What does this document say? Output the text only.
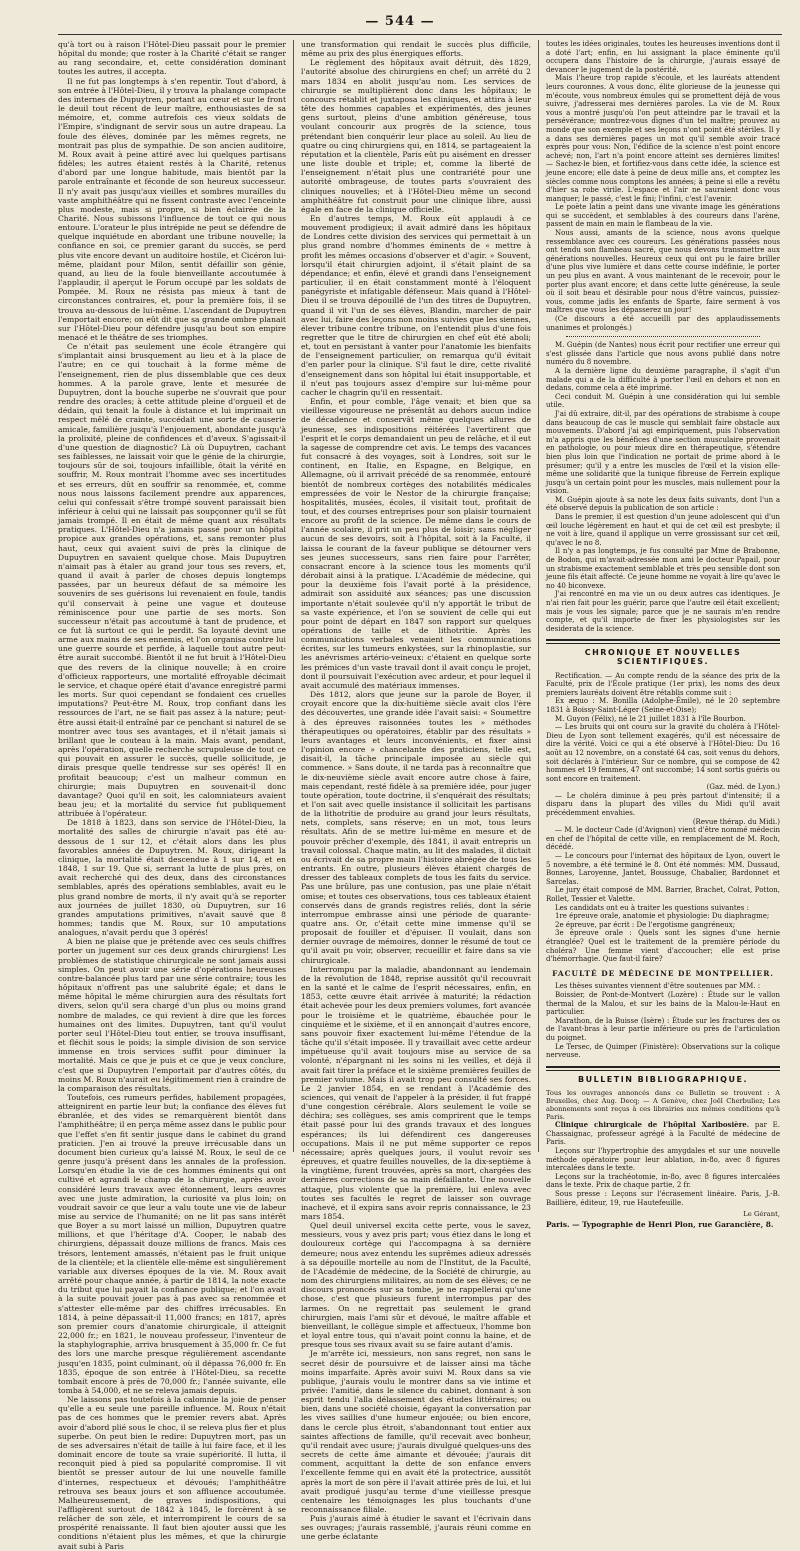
— 544 —

qu'à tort ou à raison l'Hôtel-Dieu passait pour le premier hôpital du monde; que roster à la Charité c'était se ranger au rang secondaire, et, cette considération dominant toutes les autres, il accepta.

Il ne fut pas longtemps à s'en repentir. Tout d'abord, à son entrée à l'Hôtel-Dieu, il y trouva la phalange compacte des internes de Dupuytren, portant au cœur et sur le front le deuil tout récent de leur maître, enthousiastes de sa mémoire, et, comme autrefois ces vieux soldats de l'Empire, s'indignant de servir sous un autre drapeau. La foule des élèves, dominée par les mêmes regrets, ne montrait pas plus de sympathie. De son ancien auditoire, M. Roux avait à peine attiré avec lui quelques partisans fidèles; les autres étaient restés à la Charité, retenus d'abord par une longue habitude, mais bientôt par la parole entraînante et féconde de son heureux successeur. Il n'y avait pas jusqu'aux vieilles et sombres murailles du vaste amphithéâtre qui ne fissent contraste avec l'enceinte plus modeste, mais si propre, si bien éclairée de la Charité. Nous subissons l'influence de tout ce qui nous entoure. L'orateur le plus intrépide ne peut se défendre de quelque inquiétude en abordant une tribune nouvelle; la confiance en soi, ce premier garant du succès, se perd plus vite encore devant un auditoire hostile, et Cicéron lui-même, plaidant pour Milon, sentit défaillir son génie, quand, au lieu de la foule bienveillante accoutumée à l'applaudir, il aperçut le Forum occupé par les soldats de Pompée. M. Roux ne résista pas mieux à tant de circonstances contraires, et, pour la première fois, il se trouva au-dessous de lui-même. L'ascendant de Dupuytren l'emportait encore; on eût dit que sa grande ombre planait sur l'Hôtel-Dieu pour défendre jusqu'au bout son empire menacé et le théâtre de ses triomphes.

Ce n'était pas seulement une école étrangère qui s'implantait ainsi brusquement au lieu et à la place de l'autre; en ce qui touchait à la forme même de l'enseignement, rien de plus dissemblable que ces deux hommes. A la parole grave, lente et mesurée de Dupuytren, dont la bouche superbe ne s'ouvrait que pour rendre des oracles; à cette attitude pleine d'orgueil et de dédain, qui tenait la foule à distance et lui imprimait un respect mêlé de crainte, succédait une sorte de causerie amicale, familière jusqu'à l'enjouement, abondante jusqu'à la prolixité, pleine de confidences et d'aveux. S'agissait-il d'une question de diagnostic? Là où Dupuytren, cachant ses faiblesses, ne laissait voir que le génie de la chirurgie, toujours sûr de soi, toujours infaillible, ôtait la vérité en souffrir, M. Roux montrait l'homme avec ses incertitudes et ses erreurs, dût en souffrir sa renommée, et, comme nous nous laissons facilement prendre aux apparences, celui qui confessait s'être trompé souvent paraissait bien inférieur à celui qui ne laissait pas soupçonner qu'il se fût jamais trompé. Il en était de même quant aux résultats pratiques. L'Hôtel-Dieu n'a jamais passé pour un hôpital propice aux grandes opérations, et, sans remonter plus haut, ceux qui avaient suivi de près la clinique de Dupuytren en savaient quelque chose. Mais Dupuytren n'aimait pas à étaler au grand jour tous ses revers, et, quand il avait à parler de choses depuis longtemps passées, par un heureux défaut de sa mémoire les souvenirs de ses guérisons lui revenaient en foule, tandis qu'il conservait à peine une vague et douteuse réminiscence pour une partie de ses morts. Son successeur n'était pas accoutumé à tant de prudence, et ce fut là surtout ce qui le perdit. Sa loyauté devint une arme aux mains de ses ennemis, et l'on organisa contre lui une guerre sourde et perfide, à laquelle tout autre peut-être aurait succombé. Bientôt il ne fut bruit à l'Hôtel-Dieu que des revers de la clinique nouvelle; à en croire d'officieux rapporteurs, une mortalité effroyable décimait le service, et chaque opéré était d'avance enregistré parmi les morts. Sur quoi cependant se fondaient ces cruelles imputations? Peut-être M. Roux, trop confiant dans les ressources de l'art, ne se fiait pas assez à la nature; peut-être aussi était-il entraîné par ce penchant si naturel de se montrer avec tous ses avantages, et il n'était jamais si brillant que le couteau à la main. Mais avant, pendant, après l'opération, quelle recherche scrupuleuse de tout ce qui pouvait en assurer le succès, quelle sollicitude, je dirais presque quelle tendresse sur ses opérés! Il en profitait beaucoup; c'est un malheur commun en chirurgie; mais Dupuytren en souvenait-il donc davantage? Quoi qu'il en soit, les calomniateurs avaient beau jeu; et la mortalité du service fut publiquement attribuée à l'opérateur.

De 1818 à 1823, dans son service de l'Hôtel-Dieu, la mortalité des salles de chirurgie n'avait pas été au-dessous de 1 sur 12, et c'était alors dans les plus favorables années de Dupuytren. M. Roux, dirigeant la clinique, la mortalité était descendue à 1 sur 14, et en 1848, 1 sur 19. Que si, serrant la lutte de plus près, on avait recherché qui des deux, dans des circonstances semblables, aprés des opérations semblables, avait eu le plus grand nombre de morts, il n'y avait qu'à se reporter aux journées de juillet 1830, où Dupuytren, sur 16 grandes amputations primitives, n'avait sauvé que 8 hommes; tandis que M. Roux, sur 10 amputations analogues, n'avait perdu que 3 opérés!

A bien ne plaise que je prétende avec ces seuls chiffres porter un jugement sur ces deux grands chirurgiens! Les problèmes de statistique chirurgicale ne sont jamais aussi simples. On peut avoir une série d'opérations heureuses contre-balancée plus tard par une série contraire; tous les hôpitaux n'offrent pas une salubrité égale; et dans le même hôpital le même chirurgien aura des résultats fort divers, selon qu'il sera chargé d'un plus ou moins grand nombre de malades, ce qui revient à dire que les forces humaines ont des limites. Dupuytren, tant qu'il voulut porter seul l'Hôtel-Dieu tout entier, se trouva insuffisant, et fléchit sous le poids; la simple division de son service immense en trois services suffit pour diminuer la mortalité. Mais ce que je puis et ce que je veux conclure, c'est que si Dupuytren l'emportait par d'autres côtés, du moins M. Roux n'aurait eu légitimement rien à craindre de la comparaison des résultats.

Toutefois, ces rumeurs perfides, habilement propagées, atteignirent en partie leur but; la confiance des élèves fut ébranlée, et des vides se remarquèrent bientôt dans l'amphithéâtre; il en perça même assez dans le public pour que l'effet s'en fit sentir jusque dans le cabinet du grand praticien. J'en ai trouvé la preuve irrécusable dans un document bien curieux qu'a laissé M. Roux, le seul de ce genre jusqu'à présent dans les annales de la profession. Lorsqu'en étudie la vie de ces hommes éminents qui ont cultivé et agrandi le champ de la chirurgie, après avoir considéré leurs travaux avec étonnement, leurs œuvres avec une juste admiration, la curiosité va plus loin; on voudrait savoir ce que leur a valu toute une vie de labeur mise au service de l'humanité; on ne lit pas sans intérêt que Boyer a su mort laissé un million, Dupuytren quatre millions, et que l'héritage d'A. Cooper, le nabab des chirurgiens, dépassait douze millions de francs. Mais ces trésors, lentement amassés, n'étaient pas le fruit unique de la clientèle; et la clientèle elle-même est singulièrement variable aux diverses époques de la vie. M. Roux avait arrêté pour chaque année, à partir de 1814, la note exacte du tribut que lui payait la confiance publique; et l'on avait à la suite pouvait jouer pas à pas avec sa renommée et s'attester elle-même par des chiffres irrécusables. En 1814, à peine dépassait-il 11,000 francs; en 1817, après son premier cours d'anatomie chirurgicale, il atteignit 22,000 fr.; en 1821, le nouveau professeur, l'inventeur de la staphylographie, arriva brusquement à 35,000 fr. Ce fut des lors une marche presque régulièrement ascendante jusqu'en 1835, point culminant, où il dépassa 76,000 fr. En 1835, époque de son entrée à l'Hôtel-Dieu, sa recette tombait encore à près de 70,000 fr.; l'année suivante, elle tomba à 54,000, et ne se releva jamais depuis.

Ne laissons pas toutefois à la calomnie la joie de penser qu'elle a eu seule une pareille influence. M. Roux n'était pas de ces hommes que le premier revers abat. Après avoir d'abord plié sous le choc, il se releva plus fier et plus superbe. On peut bien le redire: Dupuytren mort, pas un de ses adversaires n'était de taille à lui faire face, et il les dominait encore de toute sa vraie supériorité. Il lutta, il reconquit pied à pied sa popularité compromise. Il vit bientôt se presser autour de lui une nouvelle famille d'internes, respectueux et dévoués; l'amphithéâtre retrouva ses beaux jours et son affluence accoutumée. Malheureusement, de graves indispositions, qui l'affligèrent surtout de 1842 à 1845, le forcèrent à se relâcher de son zèle, et interrompirent le cours de sa prospérité renaissante. Il faut bien ajouter aussi que les conditions n'étaient plus les mêmes, et que la chirurgie avait subi à Paris

une transformation qui rendait le succès plus difficile, même au prix des plus énergiques efforts.

Le règlement des hôpitaux avait détruit, dès 1829, l'autorité absolue des chirurgiens en chef; un arrêté du 2 mars 1834 en abolit jusqu'au nom. Les services de chirurgie se multiplièrent donc dans les hôpitaux; le concours rétablit et juxtaposa les cliniques, et attira à leur tête des hommes capables et expérimentés, des jeunes gens surtout, pleins d'une ambition généreuse, tous voulant concourir aux progrès de la science, tous prétendant bien conquérir leur place au soleil. Au lieu de quatre ou cinq chirurgiens qui, en 1814, se partageaient la réputation et la clientèle, Paris eût pu aisément en dresser une liste double et triple; et, comme la liberté de l'enseignement n'était plus une contrariété pour une autorité ombrageuse, de toutes parts s'ouvraient des cliniques nouvelles; et à l'Hôtel-Dieu même un second amphithéâtre fut construit pour une clinique libre, aussi égale en face de la clinique officielle.

En d'autres temps, M. Roux eût applaudi à ce mouvement prodigieux; il avait admiré dans les hôpitaux de Londres cette division des services qui permettait à un plus grand nombre d'hommes éminents de « mettre à profit les mêmes occasions d'observer et d'agir. » Souvent, lorsqu'il était chirurgien adjoint, il s'était plaint de sa dépendance; et enfin, élevé et grandi dans l'enseignement particulier, il en était constamment monté à l'éloquent panégyriste et infatigable défenseur. Mais quand à l'Hôtel-Dieu il se trouva dépouillé de l'un des titres de Dupuytren, quand il vit l'un de ses élèves, Blandin, marcher de pair avec lui, faire des leçons non moins suivies que les siennes, élever tribune contre tribune, on l'entendit plus d'une fois regretter que le titre de chirurgien en chef eût été aboli; et, tout en persistant à vanter pour l'anatomie les bienfaits de l'enseignement particulier, on remarqua qu'il évitait d'en parler pour la clinique. S'il faut le dire, cette rivalité d'enseignement dans son hôpital lui était insupportable, et il n'eut pas toujours assez d'empire sur lui-même pour cacher le chagrin qu'il en ressentait.

Enfin, et pour comble, l'âge venait; et bien que sa vieillesse vigoureuse ne présentât au dehors aucun indice de décadence et conservât même quelques allures de jeunesse, ses indispositions réitérées l'avertirent que l'esprit et le corps demandaient un peu de relâche, et il eut la sagesse de comprendre cet avis. Le temps des vacances fut consacré à des voyages, soit à Londres, soit sur le continent, en Italie, en Espagne, en Belgique, en Allemagne, où il arrivait précédé de sa renommée, entouré bientôt de nombreux cortèges des notabilités médicales empressées de voir le Nestor de la chirurgie française; hospitalités, musées, écoles, il visitait tout, profitait de tout, et des courses entreprises pour son plaisir tournaient encore au profit de la science. De même dans le cours de l'année scolaire, il prit un peu plus de loisir; sans négliger aucun de ses devoirs, soit à l'hôpital, soit à la Faculté, il laissa le courant de la faveur publique se détourner vers ses jeunes successeurs, sans rien faire pour l'arrêter, consacrant encore à la science tous les moments qu'il dérobait ainsi à la pratique. L'Académie de médecine, qui pour la deuxième fois l'avait porté à la présidence, admirait son assiduité aux séances; pas une discussion importante n'était soulevée qu'il n'y apportât le tribut de sa vaste expérience, et l'on se souvient de celle qui eut pour point de départ en 1847 son rapport sur quelques opérations de taille et de lithotritie. Après les communications verbales venaient les communications écrites, sur les tumeurs enkystées, sur la rhinoplastie, sur les anévrismes artério-veineux: c'étaient en quelque sorte les prémices d'un vaste travail dont il avait conçu le projet, dont il poursuivait l'exécution avec ardeur, et pour lequel il avait accumulé des matériaux immenses.

Dès 1812, alors que jeune sur la parole de Boyer, il croyait encore que la dix-huitième siècle avait clos l'ère des découvertes, une grande idée l'avait saisi: « Soumettre à des épreuves raisonnées toutes les » méthodes thérapeutiques ou opératoires, établir par des résultats » leurs avantages et leurs inconvénients, et fixer ainsi l'opinion encore » chancelante des praticiens, telle est, disait-il, la tâche principale imposée au siècle qui commence. » Sans doute, il ne tarda pas à reconnaître que le dix-neuvième siècle avait encore autre chose à faire, mais cependant, resté fidèle à sa première idée, pour juger toute opération, toute doctrine, il s'enquérait des résultats; et l'on sait avec quelle insistance il sollicitait les partisans de la lithotritie de produire au grand jour leurs résultats, nets, complets, sans réserve; en un mot, tous leurs résultats. Afin de se mettre lui-même en mesure et de pouvoir prêcher d'exemple, dès 1841, il avait entrepris un travail colossal. Chaque matin, au lit des malades, il dictait ou écrivait de sa propre main l'histoire abrégée de tous les entrants. En outre, plusieurs élèves étaient chargés de dresser des tableaux complets de tous les faits du service. Pas une brûlure, pas une contusion, pas une plaie n'était omise; et toutes ces observations, tous ces tableaux étaient conservés dans de grands registres reliés, dont la série interrompue embrasse ainsi une période de quarante-quatre ans. Or, c'était cette mine immense qu'il se proposait de fouiller et d'épuiser. Il voulait, dans son dernier ouvrage de mémoires, donner le résumé de tout ce qu'il avait pu voir, observer, recueillir et faire dans sa vie chirurgicale.

Interrompu par la maladie, abandonnant au lendemain de la révolution de 1848, reprise aussitôt qu'il recouvrait en la santé et le calme de l'esprit nécessaires, enfin, en 1853, cette œuvre était arrivée à maturité; la rédaction était achevée pour les deux premiers volumes, fort avancée pour le troisième et le quatrième, ébauchée pour le cinquième et le sixième, et il en annonçait d'autres encore, sans pouvoir fixer exactement lui-même l'étendue de la tâche qu'il s'était imposée. Il y travaillait avec cette ardeur impétueuse qu'il avait toujours mise au service de sa volonté, n'épargnant ni les soins ni les veilles, et déjà il avait fait tirer la préface et le sixième premières feuilles de premier volume. Mais il avait trop peu consulté ses forces. Le 2 janvier 1854, en se rendant à l'Académie des sciences, qui venait de l'appeler à la présider, il fut frappé d'une congestion cérébrale. Alors seulement le voile se déchira; ses collègues, ses amis comprirent que le temps était passé pour lui des grands travaux et des longues espérances; ils lui défendirent ces dangereuses occupations. Mais il ne put même supporter ce repos nécessaire; après quelques jours, il voulut revoir ses épreuves, et quatre feuilles nouvelles, de la dix-septième à la vingtième, furent trouvées, après sa mort, chargées des dernières corrections de sa main défaillante. Une nouvelle attaque, plus violente que la première, lui enleva avec toutes ses facultés le regret de laisser son ouvrage inachevé, et il expira sans avoir repris connaissance, le 23 mars 1854.

Quel deuil universel excita cette perte, vous le savez, messieurs, vous y avez pris part; vous étiez dans le long et douloureux cortège qui l'accompagna à sa dernière demeure; nous avez entendu les suprêmes adieux adressés à sa dépouille mortelle au nom de l'Institut, de la Faculté, de l'Académie de médecine, de la Société de chirurgie, au nom des chirurgiens militaires, au nom de ses élèves; ce ne discours prononcés sur sa tombe, je ne rappellerai qu'une chose, c'est que plusieurs furent interrompus par des larmes. On ne regrettait pas seulement le grand chirurgien, mais l'ami sûr et dévoué, le maître affable et bienveillant, le collègue simple et affectueux, l'homme bon et loyal entre tous, qui n'avait point connu la haine, et de presque tous ses rivaux avait su se faire autant d'amis.

Je m'arrête ici, messieurs, non sans regret, non sans le secret désir de poursuivre et de laisser ainsi ma tâche moins imparfaite. Après avoir suivi M. Roux dans sa vie publique, j'aurais voulu le montrer dans sa vie intime et privée: l'amitié, dans le silence du cabinet, donnant à son esprit tendu l'alla délassement des études littéraires; ou bien, dans une société choisie, égayant la conversation par les vives saillies d'une humeur enjouée; ou bien encore, dans le cercle plus étroit, s'abandonnant tout entier aux saintes affections de famille, qu'il recevait avec bonheur, qu'il rendait avec usure; j'aurais divulgué quelques-uns des secrets de cette âme aimante et dévouée; j'aurais dit comment, acquittant la dette de son enfance envers l'excellente femme qui en avait été la protectrice, aussitôt après la mort de son père il l'avait attirée près de lui, et lui avait prodigué jusqu'au terme d'une vieillesse presque centenaire les témoignages les plus touchants d'une reconnaissance filiale.

Puis j'aurais aimé à étudier le savant et l'écrivain dans ses ouvrages; j'aurais rassemblé, j'aurais réuni comme en une gerbe éclatante

toutes les idées originales, toutes les heureuses inventions dont il a doté l'art; enfin, en lui assignant la place éminente qu'il occupera dans l'histoire de la chirurgie, j'aurais essayé de devancer le jugement de la postérité.

Mais l'heure trop rapide s'écoule, et les lauréats attendent leurs couronnes. A vous donc, élite glorieuse de la jeunesse qui m'écoute, vous nombreux émules qui se promettent déjà de vous suivre, j'adresserai mes dernières paroles. La vie de M. Roux vous a montré jusqu'où l'on peut atteindre par le travail et la persévérance; montrez-vous dignes d'un tel maître; prouvez au monde que son exemple et ses leçons n'ont point été stériles. Il y a dans ses dernières pages un mot qu'il semble avoir tracé exprès pour vous: Non, l'édifice de la science n'est point encore achevé; non, l'art n'a point encore atteint ses dernières limites! — Sachez-le bien, et fortifiez-vous dans cette idée, la science est jeune encore; elle date à peine de deux mille ans, et comptez les siècles comme nous comptons les années; à peine si elle a revêtu d'hier sa robe virile. L'espace et l'air ne sauraient donc vous manquer; le passé, c'est le fini; l'infini, c'est l'avenir.

Le poète latin a peint dans une vivante image les générations qui se succèdent, et semblables à des coureurs dans l'arène, passent de main en main le flambeau de la vie.

Nous aussi, amants de la science, nous avons quelque ressemblance avec ces coureurs. Les générations passées nous ont tendu son flambeau sacré, que nous devons transmettre aux générations nouvelles. Heureux ceux qui ont pu le faire briller d'une plus vive lumière et dans cette course indéfinie, le porter un peu plus en avant. A vous maintenant de le recevoir, pour le porter plus avant encore; et dans cette lutte généreuse, la seule où il soit beau et désirable pour nous d'être vaincus, puissiez-vous, comme jadis les enfants de Sparte, faire serment à vos maîtres que vous les dépasserez un jour!

(Ce discours a été accueilli par des applaudissements unanimes et prolongés.)

M. Guépin (de Nantes) nous écrit pour rectifier une erreur qui s'est glissée dans l'article que nous avons publié dans notre numéro du 8 novembre.

A la dernière ligne du deuxième paragraphe, il s'agit d'un malade qui a de la difficulté à porter l'œil en dehors et non en dedans, comme cela a été imprimé.

Ceci conduit M. Guépin à une considération qui lui semble utile.

J'ai dû extraire, dit-il, par des opérations de strabisme à coupe dans beaucoup de cas le muscle qui semblait faire obstacle aux mouvements. D'abord j'ai agi empiriquement, puis l'observation m'a appris que les bénéfices d'une section musculaire provenait en pathologie, ou pour mieux dire en thérapeutique, s'étendre bien plus loin que l'indication ne portait de prime abord à le présumer; qu'il y a entre les muscles de l'œil et la vision elle-même une solidarité que la tunique fibreuse de Ferrein explique jusqu'à un certain point pour les muscles, mais nullement pour la vision.

M. Guépin ajoute à sa note les deux faits suivants, dont l'un a été observé depuis la publication de son article :

Dans le premier, il est question d'un jeune adolescent qui d'un œil louche légèrement en haut et qui de cet œil est presbyte; il ne voit à lire, quand il applique un verre grossissant sur cet œil, qu'avec le no 8.

Il n'y a pas longtemps, je fus consulté par Mme de Brabonne, de Bodon, qui m'avait-adressée mon ami le docteur Papail, pour un strabisme exactement semblable et très peu sensible dont son jeune fils était affecté. Ce jeune homme ne voyait à lire qu'avec le no 40 biconvexe.

J'ai rencontré en ma vie un ou deux autres cas identiques. Je n'ai rien fait pour les guérir, parce que l'autre œil était excellent; mais je vous les signale; parce que je ne saurais m'en rendre compte, et qu'il importe de fixer les physiologistes sur les desiderata de la science.

CHRONIQUE ET NOUVELLES SCIENTIFIQUES.

Rectification. — Au compte rendu de la séance des prix de la Faculté, prix de l'École pratique (1er prix), les noms des deux premiers lauréats doivent être rétablis comme suit :

Ex æquo : M. Bonilla (Adolphe-Émile), né le 20 septembre 1831 à Boissy-Saint-Léger (Seine-et-Oise);

M. Guyon (Félix), né le 21 juillet 1831 à l'île Bourbon.

— Les bruits qui ont couru sur la gravité du choléra à l'Hôtel-Dieu de Lyon sont tellement exagérés, qu'il est nécessaire de dire la vérité. Voici ce qui a été observé à l'Hôtel-Dieu: Du 16 août au 12 novembre, on a constaté 64 cas, soit venus du dehors, soit déclarés à l'intérieur. Sur ce nombre, qui se compose de 42 hommes et 19 femmes, 47 ont succombé; 14 sont sortis guéris ou sont encore en traitement.

(Gaz. méd. de Lyon.)

— Le choléra diminue à peu près partout d'intensité; il a disparu dans la plupart des villes du Midi qu'il avait précédemment envahies.

(Revue thérap. du Midi.)

— M. le docteur Cade (d'Avignon) vient d'être nommé médecin en chef de l'hôpital de cette ville, en remplacement de M. Roch, décédé.

— Le concours pour l'internat des hôpitaux de Lyon, ouvert le 5 novembre, a été terminé le 8. Ont été nommés: MM. Dussaud, Bonnes, Laroyenne, Jantet, Boussuge, Chabalier, Bardonnet et Sarcelas.

Le jury était composé de MM. Barrier, Brachet, Colrat, Potton, Rollet, Tessier et Valette.

Les candidats ont eu à traiter les questions suivantes :

1re épreuve orale, anatomie et physiologie: Du diaphragme;

2e épreuve, par écrit : De l'ergotisme gangréneux;

3e épreuve orale : Quels sont les signes d'une hernie étranglée? Quel est le traitement de la première période du choléra? Une femme vient d'accoucher; elle est prise d'hémorrhagie. Que faut-il faire?

FACULTÉ DE MÉDECINE DE MONTPELLIER.

Les thèses suivantes viennent d'être soutenues par MM. :

Boissier, de Pont-de-Montvert (Lozère) : Étude sur le vallon thermal de la Malou, et sur les bains de la Malou-le-Haut en particulier.

Marathon, de la Buisse (Isère) : Étude sur les fractures des os de l'avant-bras à leur partie inférieure ou près de l'articulation du poignet.

Le Tersec, de Quimper (Finistère): Observations sur la colique nerveuse.

BULLETIN BIBLIOGRAPHIQUE.

Tous les ouvrages annoncés dans ce Bulletin se trouvent : A Bruxelles, chez Aug. Decq; — A Genève, chez Joël Cherbuliez; Les abonnements sont reçus à ces librairies aux mêmes conditions qu'à Paris.

Clinique chirurgicale de l'hôpital Xaribosière. par E. Chassaignac, professeur agrégé à la Faculté de médecine de Paris.

Leçons sur l'hypertrophie des amygdales et sur une nouvelle méthode opératoire pour leur ablation, in-8o, avec 8 figures intercalées dans le texte.

Leçons sur la trachéotomie, in-8o, avec 8 figures intercalées dans le texte. Prix de chaque partie, 2 fr.

Sous presse : Leçons sur l'écrasement linéaire. Paris, J.-B. Baillière, éditeur, 19, rue Hautefeuille.

Le Gérant,
Paris. — Typographie de Henri Plon, rue Garancière, 8.
